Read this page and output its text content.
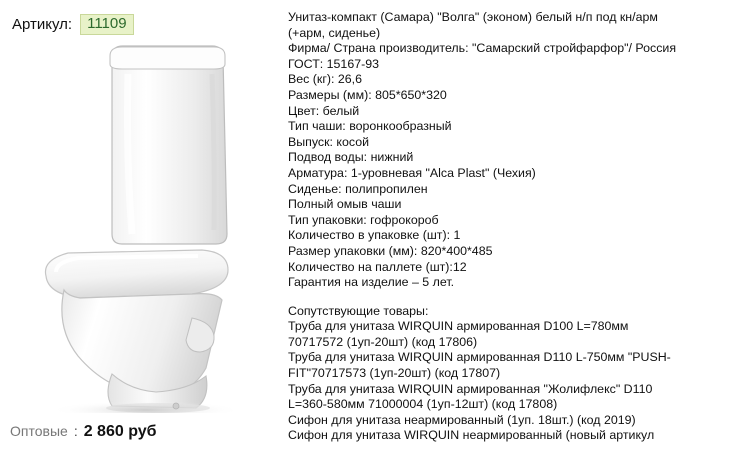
Артикул:	11109
Оптовые : 2 860 руб
Унитаз-компакт (Самара) "Волга" (эконом) белый н/п под кн/арм
(+арм, сиденье)
Фирма/ Страна производитель: "Самарский стройфарфор"/ Россия
ГОСТ: 15167-93
Вес (кг): 26,6
Размеры (мм): 805*650*320
Цвет: белый
Тип чаши: воронкообразный
Выпуск: косой
Подвод воды: нижний
Арматура: 1-уровневая "Alca Plast" (Чехия)
Сиденье: полипропилен
Полный омыв чаши
Тип упаковки: гофрокороб
Количество в упаковке (шт): 1
Размер упаковки (мм): 820*400*485
Количество на паллете (шт):12
Гарантия на изделие – 5 лет.
Сопутствующие товары:
Труба для унитаза WIRQUIN армированная D100 L=780мм
70717572 (1уп-20шт) (код 17806)
Труба для унитаза WIRQUIN армированная D110 L-750мм "PUSH-
FIT"70717573 (1уп-20шт) (код 17807)
Труба для унитаза WIRQUIN армированная "Жолифлекс" D110
L=360-580мм 71000004 (1уп-12шт) (код 17808)
Сифон для унитаза неармированный (1уп. 18шт.) (код 2019)
Сифон для унитаза WIRQUIN неармированный (новый артикул
